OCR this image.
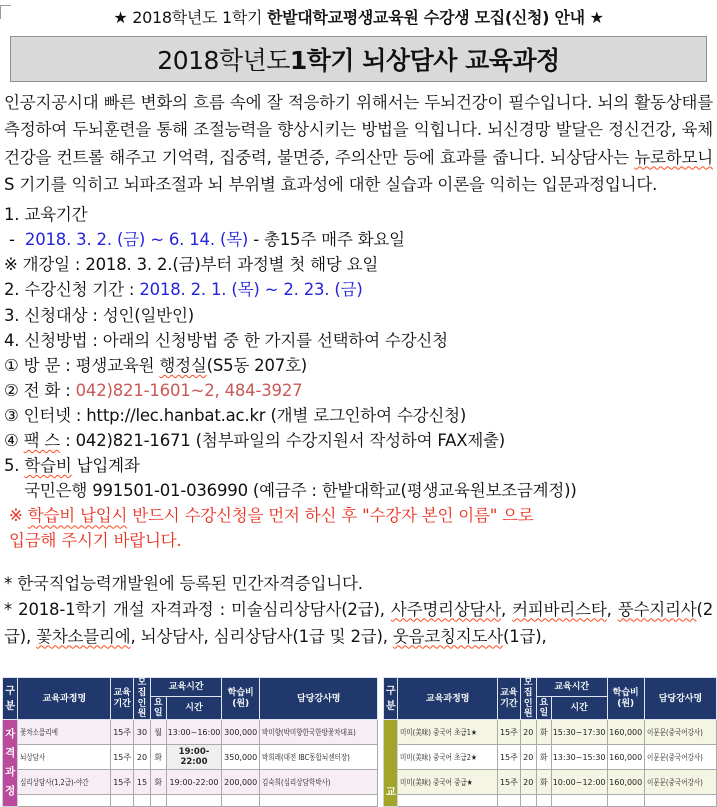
★ 2018학년도 1학기 한밭대학교평생교육원 수강생 모집(신청) 안내 ★
2018학년도 1학기 뇌상담사 교육과정
인공지공시대 빠른 변화의 흐름 속에 잘 적응하기 위해서는 두뇌건강이 필수입니다. 뇌의 활동상태를 측정하여 두뇌훈련을 통해 조절능력을 향상시키는 방법을 익힙니다. 뇌신경망 발달은 정신건강, 육체건강을 컨트롤 해주고 기억력, 집중력, 불면증, 주의산만 등에 효과를 줍니다. 뇌상담사는 뉴로하모니S 기기를 익히고 뇌파조절과 뇌 부위별 효과성에 대한 실습과 이론을 익히는 입문과정입니다.
1. 교육기간
-  2018. 3. 2. (금) ~ 6. 14. (목) - 총15주 매주 화요일
※ 개강일 : 2018. 3. 2.(금)부터 과정별 첫 해당 요일
2. 수강신청 기간 : 2018. 2. 1. (목) ~ 2. 23. (금)
3. 신청대상 : 성인(일반인)
4. 신청방법 : 아래의 신청방법 중 한 가지를 선택하여 수강신청
① 방 문 : 평생교육원 행정실(S5동 207호)
② 전 화 : 042)821-1601~2, 484-3927
③ 인터넷 : http://lec.hanbat.ac.kr (개별 로그인하여 수강신청)
④ 팩 스 : 042)821-1671 (첨부파일의 수강지원서 작성하여 FAX제출)
5. 학습비 납입계좌
국민은행 991501-01-036990 (예금주 : 한밭대학교(평생교육원보조금계정))
※ 학습비 납입시 반드시 수강신청을 먼저 하신 후 "수강자 본인 이름" 으로
입금해 주시기 바랍니다.
* 한국직업능력개발원에 등록된 민간자격증입니다.
* 2018-1학기 개설 자격과정 : 미술심리상담사(2급), 사주명리상담사, 커피바리스타, 풍수지리사(2급), 꽃차소믈리에, 뇌상담사, 심리상담사(1급 및 2급), 웃음코칭지도사(1급),
구분	교육과정명	교육기간	모집인원	교육시간		학습비(원)	담당강사명
				요일	시간		

자
격
과
정	꽃차소믈리에	15주	30	월	13:00~16:00	300,000	박미향(박미향한국한방꽃차대표)
	뇌상담사	15주	20	화	19:00-22:00	350,000	박희래(대전 IBC통합뇌센터장)
	심리상담사(1,2급)-야간	15주	15	화	19:00-22:00	200,000	김숙희(심리상담학박사)

구분	교육과정명	교육기간	모집인원	교육시간		학습비(원)	담당강사명
				요일	시간		

교	미미(美味) 중국어 초급1★	15주	20	화	15:30~17:30	160,000	이문문(중국어강사)
	미미(美味) 중국어 초급2★	15주	20	화	13:30~15:30	160,000	이문문(중국어강사)
	미미(美味) 중국어 중급★	15주	20	화	10:00~12:00	160,000	이문문(중국어강사)
